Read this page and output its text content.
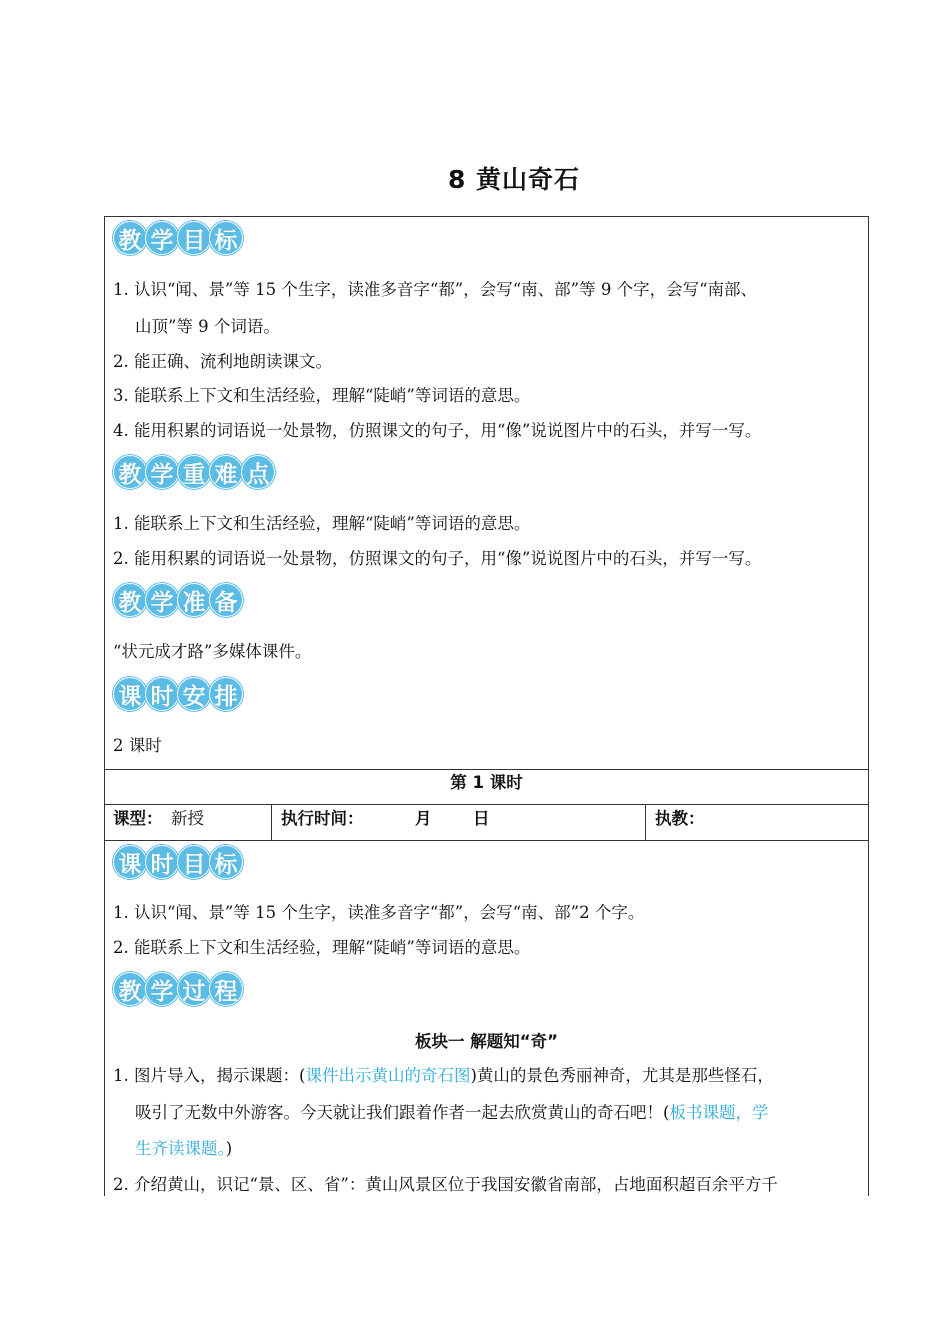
8 黄山奇石
教 学 目 标
1. 认识“闻、景”等 15 个生字，读准多音字“都”，会写“南、部”等 9 个字，会写“南部、
山顶”等 9 个词语。
2. 能正确、流利地朗读课文。
3. 能联系上下文和生活经验，理解“陡峭”等词语的意思。
4. 能用积累的词语说一处景物，仿照课文的句子，用“像”说说图片中的石头，并写一写。
教 学 重 难 点
1. 能联系上下文和生活经验，理解“陡峭”等词语的意思。
2. 能用积累的词语说一处景物，仿照课文的句子，用“像”说说图片中的石头，并写一写。
教 学 准 备
“状元成才路”多媒体课件。
课 时 安 排
2 课时
第 1 课时
课型： 新授	执行时间：	月	日	执教：
课 时 目 标
1. 认识“闻、景”等 15 个生字，读准多音字“都”，会写“南、部”2 个字。
2. 能联系上下文和生活经验，理解“陡峭”等词语的意思。
教 学 过 程
板块一 解题知“奇”
1. 图片导入，揭示课题：(课件出示黄山的奇石图)黄山的景色秀丽神奇，尤其是那些怪石，
吸引了无数中外游客。今天就让我们跟着作者一起去欣赏黄山的奇石吧！(板书课题，学
生齐读课题。)
2. 介绍黄山，识记“景、区、省”：黄山风景区位于我国安徽省南部，占地面积超百余平方千
